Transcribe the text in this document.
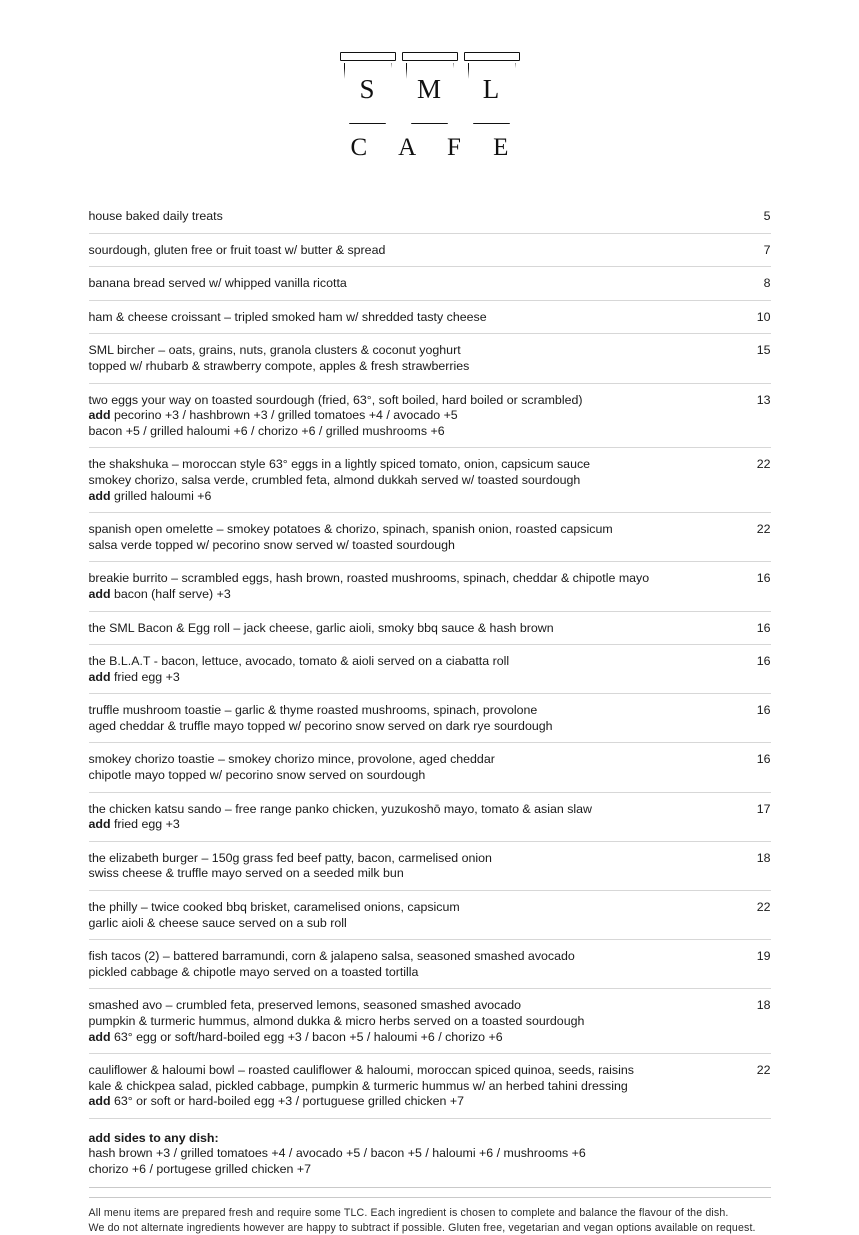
S	M	L
C A F E
house baked daily treats	5
sourdough, gluten free or fruit toast w/ butter & spread	7
banana bread served w/ whipped vanilla ricotta	8
ham & cheese croissant – tripled smoked ham w/ shredded tasty cheese	10
SML bircher – oats, grains, nuts, granola clusters & coconut yoghurt
topped w/ rhubarb & strawberry compote, apples & fresh strawberries
15
two eggs your way on toasted sourdough (fried, 63°, soft boiled, hard boiled or scrambled)
add pecorino +3 / hashbrown +3 / grilled tomatoes +4 / avocado +5
bacon +5 / grilled haloumi +6 / chorizo +6 / grilled mushrooms +6
13
the shakshuka – moroccan style 63° eggs in a lightly spiced tomato, onion, capsicum sauce
smokey chorizo, salsa verde, crumbled feta, almond dukkah served w/ toasted sourdough
add grilled haloumi +6
22
spanish open omelette – smokey potatoes & chorizo, spinach, spanish onion, roasted capsicum
salsa verde topped w/ pecorino snow served w/ toasted sourdough
22
breakie burrito – scrambled eggs, hash brown, roasted mushrooms, spinach, cheddar & chipotle mayo
add bacon (half serve) +3
16
the SML Bacon & Egg roll – jack cheese, garlic aioli, smoky bbq sauce & hash brown	16
the B.L.A.T - bacon, lettuce, avocado, tomato & aioli served on a ciabatta roll
add fried egg +3
16
truffle mushroom toastie – garlic & thyme roasted mushrooms, spinach, provolone
aged cheddar & truffle mayo topped w/ pecorino snow served on dark rye sourdough
16
smokey chorizo toastie – smokey chorizo mince, provolone, aged cheddar
chipotle mayo topped w/ pecorino snow served on sourdough
16
the chicken katsu sando – free range panko chicken, yuzukoshō mayo, tomato & asian slaw
add fried egg +3
17
the elizabeth burger – 150g grass fed beef patty, bacon, carmelised onion
swiss cheese & truffle mayo served on a seeded milk bun
18
the philly – twice cooked bbq brisket, caramelised onions, capsicum
garlic aioli & cheese sauce served on a sub roll
22
fish tacos (2) – battered barramundi, corn & jalapeno salsa, seasoned smashed avocado
pickled cabbage & chipotle mayo served on a toasted tortilla
19
smashed avo – crumbled feta, preserved lemons, seasoned smashed avocado
pumpkin & turmeric hummus, almond dukka & micro herbs served on a toasted sourdough
add 63° egg or soft/hard-boiled egg +3 / bacon +5 / haloumi +6 / chorizo +6
18
cauliflower & haloumi bowl – roasted cauliflower & haloumi, moroccan spiced quinoa, seeds, raisins
kale & chickpea salad, pickled cabbage, pumpkin & turmeric hummus w/ an herbed tahini dressing
add 63° or soft or hard-boiled egg +3 / portuguese grilled chicken +7
22
add sides to any dish:
hash brown +3 / grilled tomatoes +4 / avocado +5 / bacon +5 / haloumi +6 / mushrooms +6
chorizo +6 / portugese grilled chicken +7
All menu items are prepared fresh and require some TLC. Each ingredient is chosen to complete and balance the flavour of the dish.
We do not alternate ingredients however are happy to subtract if possible. Gluten free, vegetarian and vegan options available on request.
